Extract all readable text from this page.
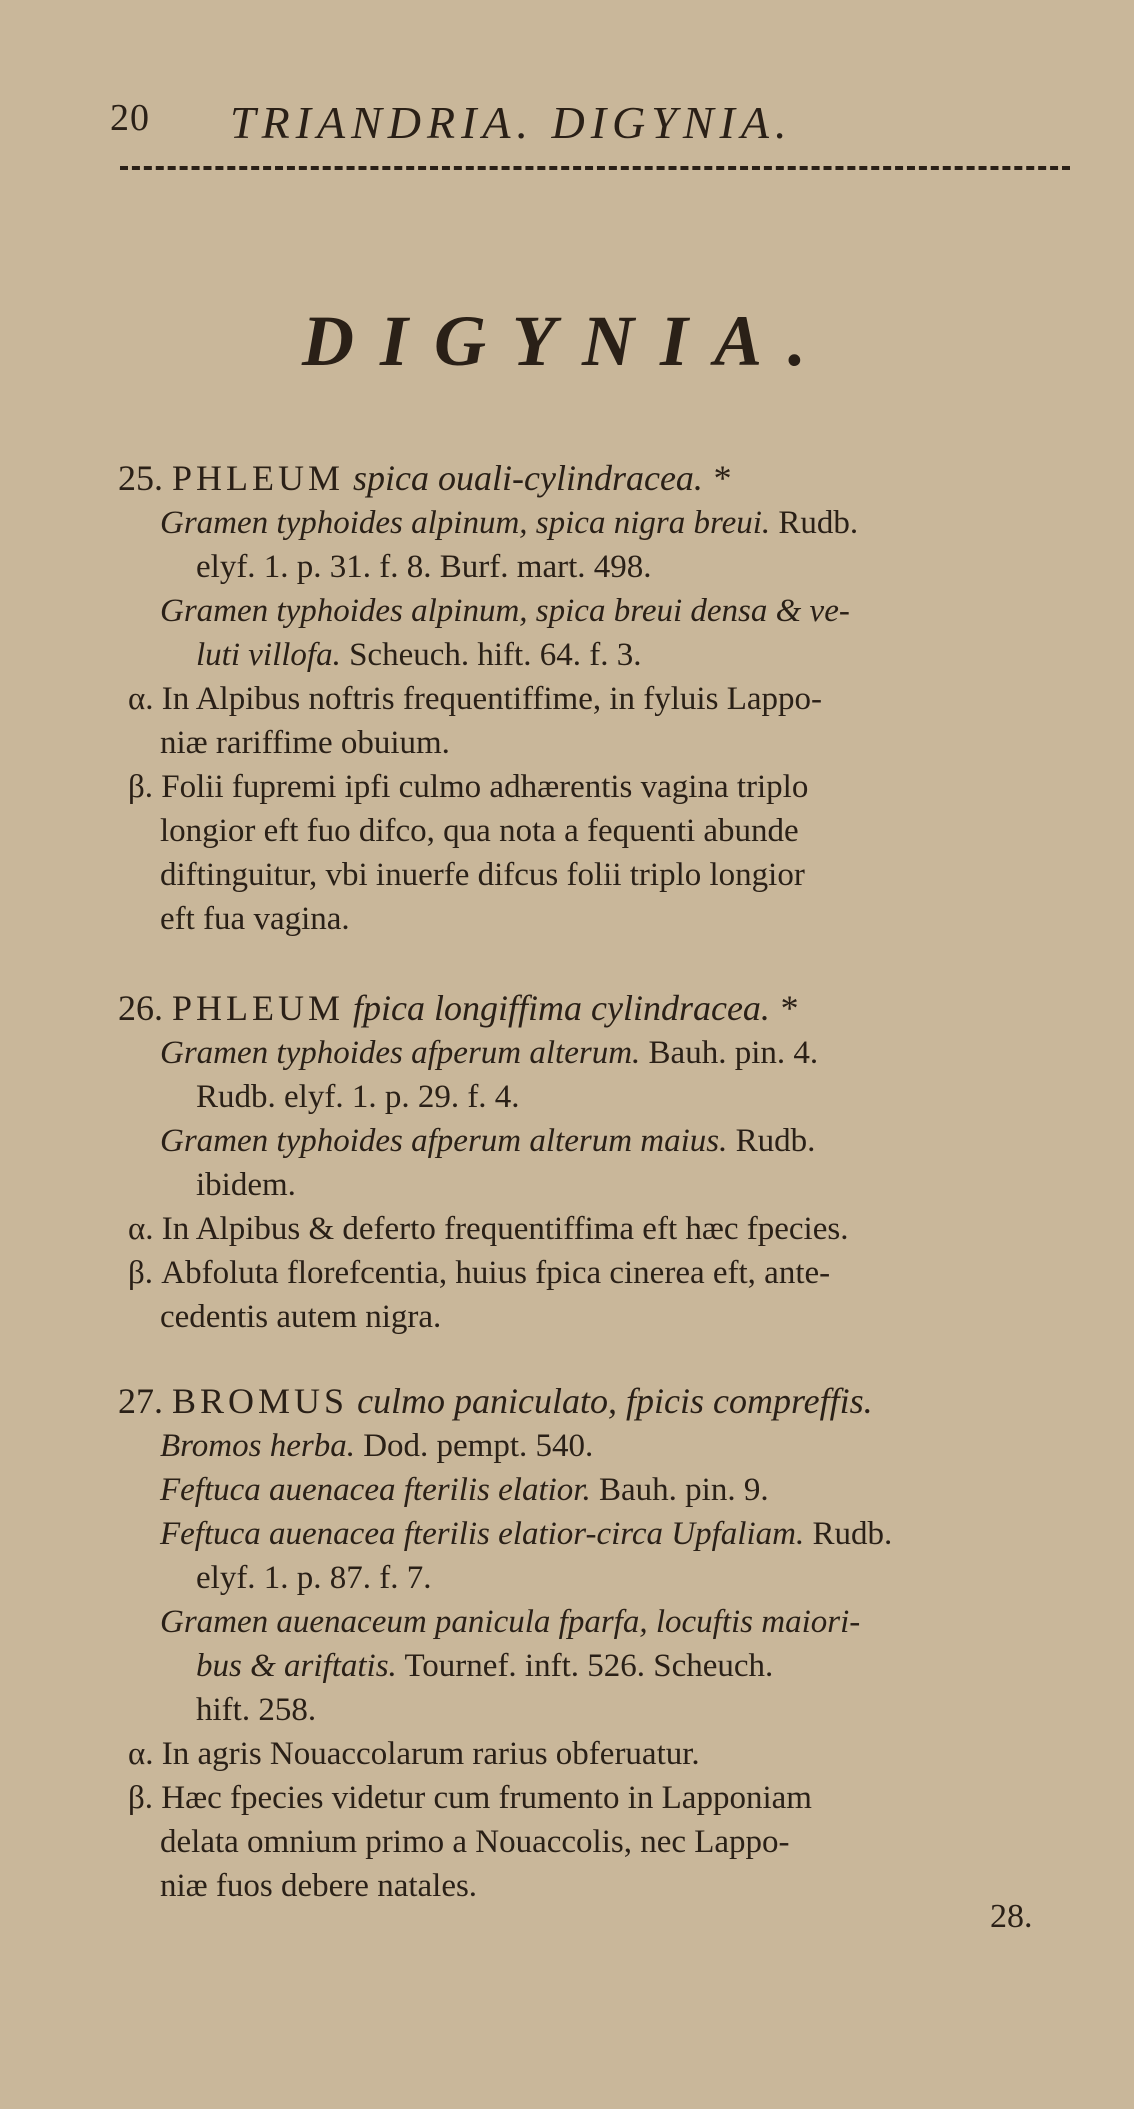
20 TRIANDRIA. DIGYNIA.
DIGYNIA.
25. PHLEUM spica ouali-cylindracea. *
Gramen typhoides alpinum, spica nigra breui. Rudb.
elyf. 1. p. 31. f. 8. Burf. mart. 498.
Gramen typhoides alpinum, spica breui densa & ve-
luti villofa. Scheuch. hift. 64. f. 3.
α. In Alpibus noftris frequentiffime, in fyluis Lappo-
niæ rariffime obuium.
β. Folii fupremi ipfi culmo adhærentis vagina triplo
longior eft fuo difco, qua nota a fequenti abunde
diftinguitur, vbi inuerfe difcus folii triplo longior
eft fua vagina.
26. PHLEUM fpica longiffima cylindracea. *
Gramen typhoides afperum alterum. Bauh. pin. 4.
Rudb. elyf. 1. p. 29. f. 4.
Gramen typhoides afperum alterum maius. Rudb.
ibidem.
α. In Alpibus & deferto frequentiffima eft hæc fpecies.
β. Abfoluta florefcentia, huius fpica cinerea eft, ante-
cedentis autem nigra.
27. BROMUS culmo paniculato, fpicis compreffis.
Bromos herba. Dod. pempt. 540.
Feftuca auenacea fterilis elatior. Bauh. pin. 9.
Feftuca auenacea fterilis elatior-circa Upfaliam. Rudb.
elyf. 1. p. 87. f. 7.
Gramen auenaceum panicula fparfa, locuftis maiori-
bus & ariftatis. Tournef. inft. 526. Scheuch.
hift. 258.
α. In agris Nouaccolarum rarius obferuatur.
β. Hæc fpecies videtur cum frumento in Lapponiam
delata omnium primo a Nouaccolis, nec Lappo-
niæ fuos debere natales.
28.
